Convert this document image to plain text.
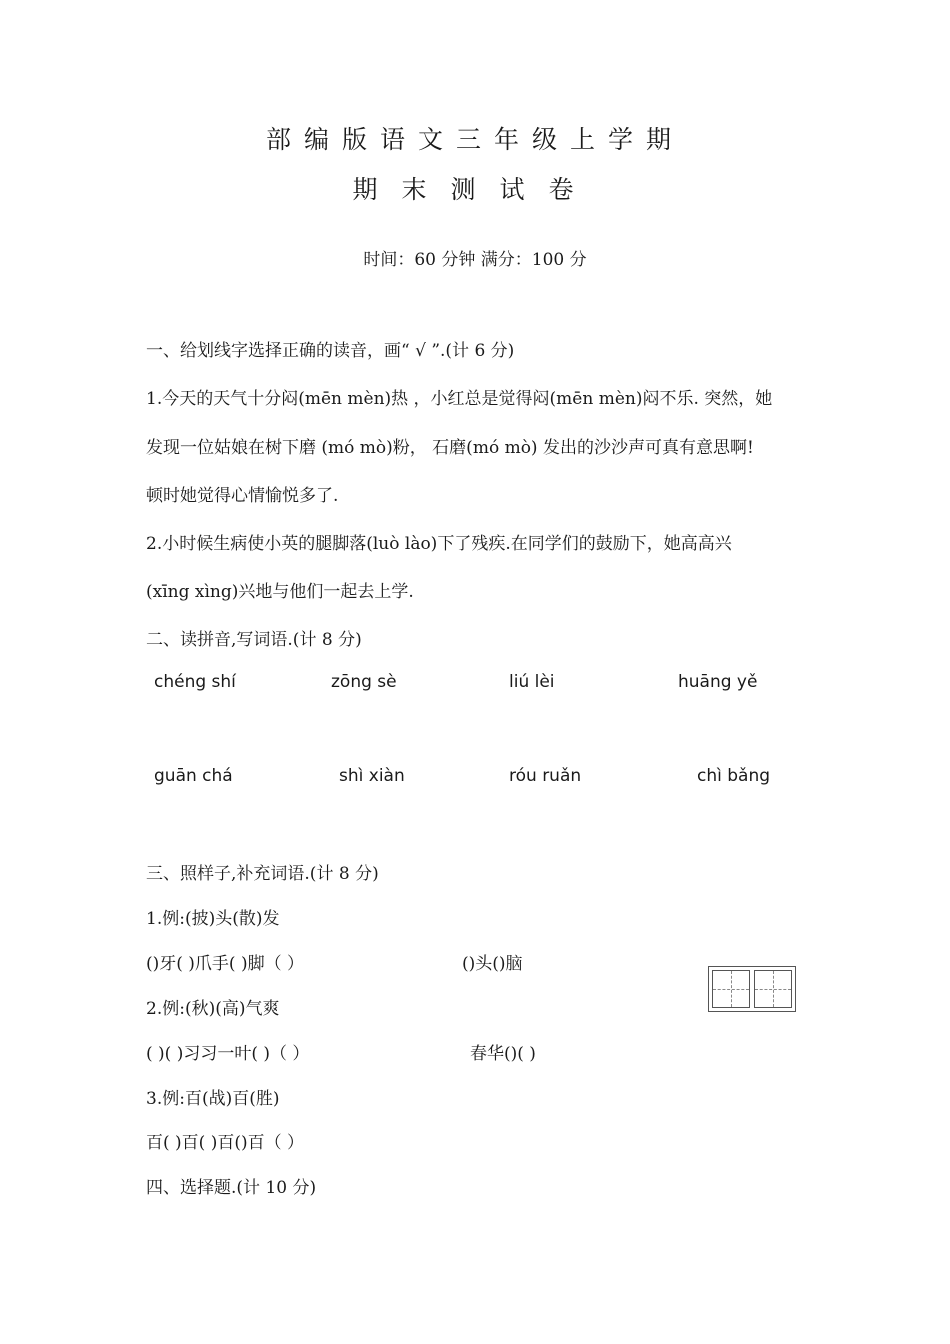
部编版语文三年级上学期
期末测试卷
时间：60 分钟 满分：100 分
一、给划线字选择正确的读音，画“ √ ”.(计 6 分)
1.今天的天气十分闷(mēn mèn)热 ，小红总是觉得闷(mēn mèn)闷不乐. 突然，她
发现一位姑娘在树下磨 (mó mò)粉， 石磨(mó mò) 发出的沙沙声可真有意思啊!
顿时她觉得心情愉悦多了.
2.小时候生病使小英的腿脚落(luò lào)下了残疾.在同学们的鼓励下，她高高兴
(xīng xìng)兴地与他们一起去上学.
二、读拼音,写词语.(计 8 分)
chéng shí	zōng sè	liú lèi	huāng yě
guān chá	shì xiàn	róu ruǎn	chì bǎng
三、照样子,补充词语.(计 8 分)
1.例:(披)头(散)发
()牙( )爪手( )脚（ ）	()头()脑
2.例:(秋)(高)气爽
( )( )习习一叶( )（ ）	春华()( )
3.例:百(战)百(胜)
百( )百( )百()百（ ）
四、选择题.(计 10 分)
